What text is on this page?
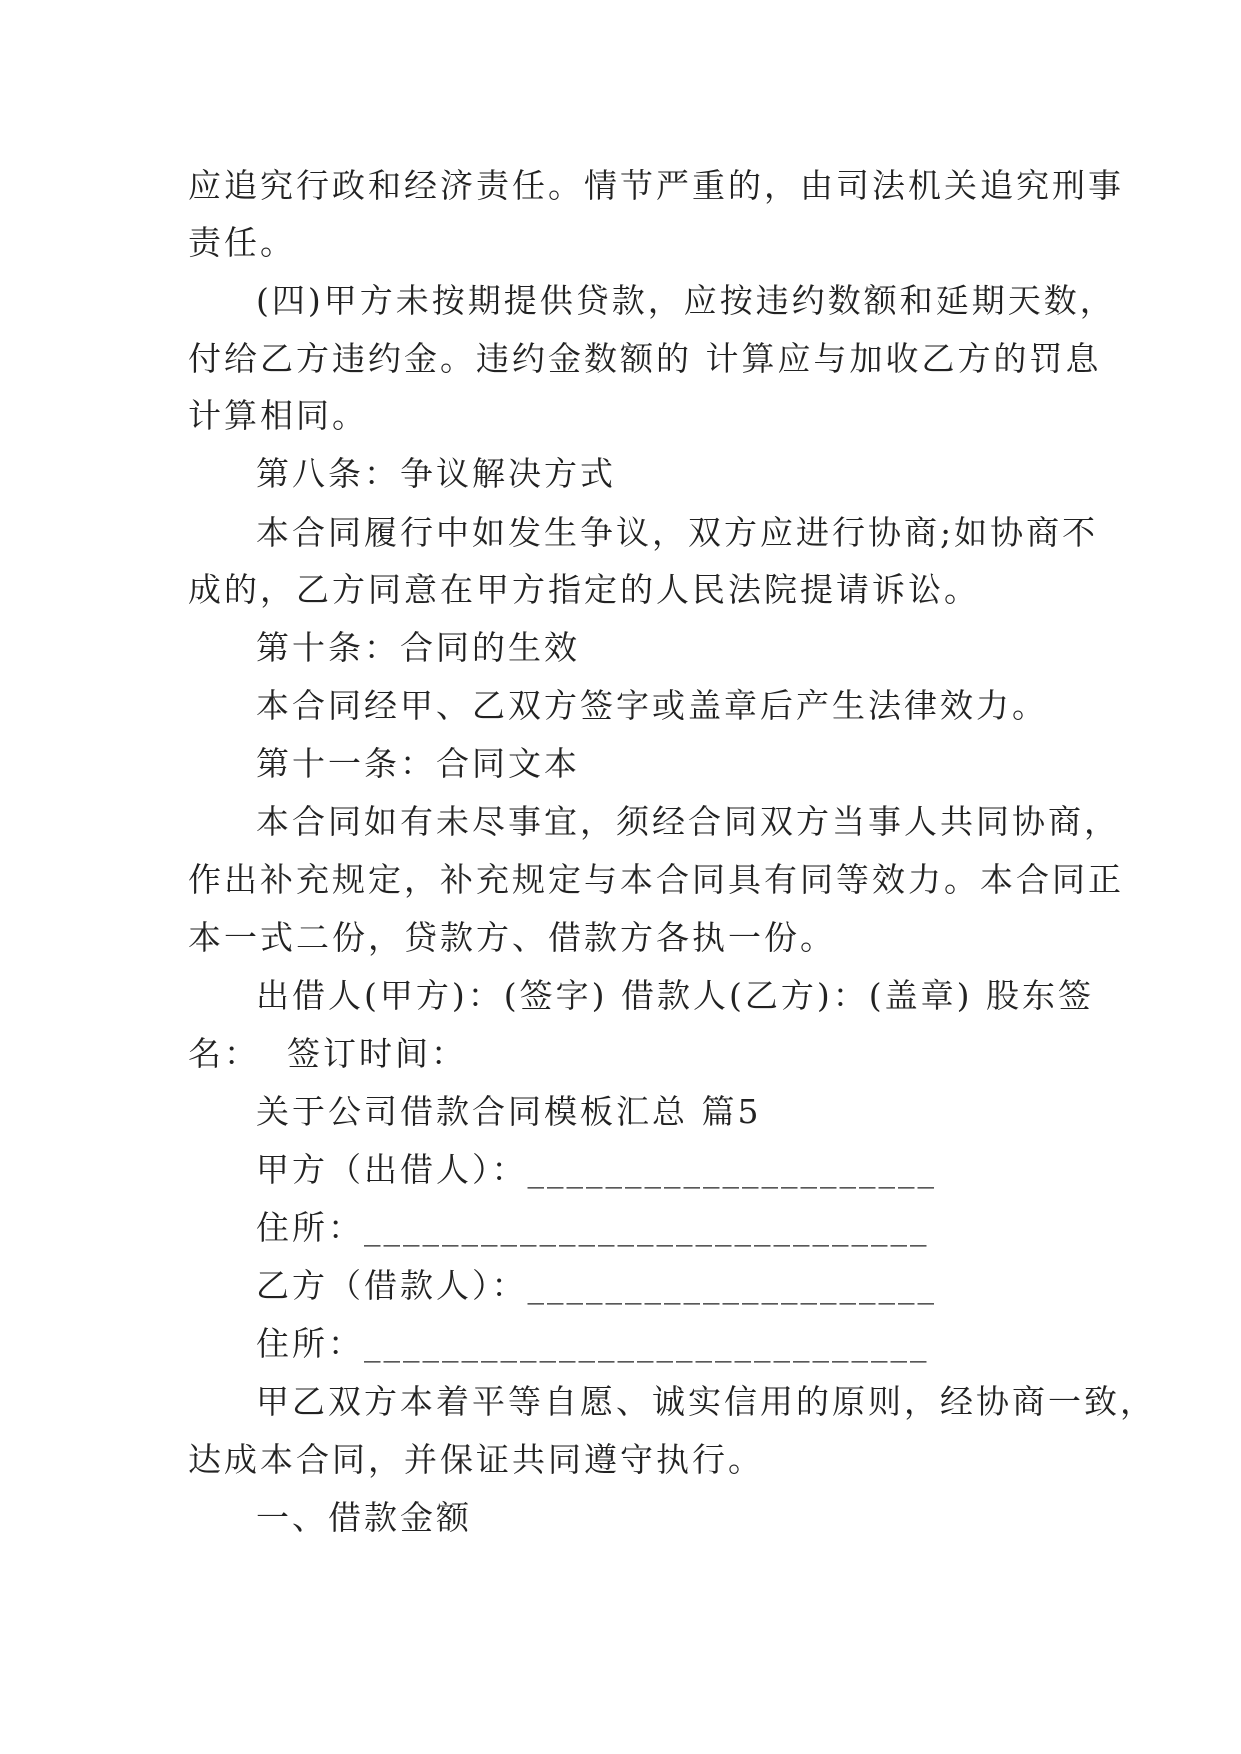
应追究行政和经济责任。情节严重的，由司法机关追究刑事
责任。
(四)甲方未按期提供贷款，应按违约数额和延期天数，
付给乙方违约金。违约金数额的 计算应与加收乙方的罚息
计算相同。
第八条：争议解决方式
本合同履行中如发生争议，双方应进行协商;如协商不
成的，乙方同意在甲方指定的人民法院提请诉讼。
第十条：合同的生效
本合同经甲、乙双方签字或盖章后产生法律效力。
第十一条：合同文本
本合同如有未尽事宜，须经合同双方当事人共同协商，
作出补充规定，补充规定与本合同具有同等效力。本合同正
本一式二份，贷款方、借款方各执一份。
出借人(甲方)：(签字) 借款人(乙方)：(盖章) 股东签
名：  签订时间：
关于公司借款合同模板汇总 篇5
甲方（出借人）：_____________________
住所：_____________________________
乙方（借款人）：_____________________
住所：_____________________________
甲乙双方本着平等自愿、诚实信用的原则，经协商一致，
达成本合同，并保证共同遵守执行。
一、借款金额
